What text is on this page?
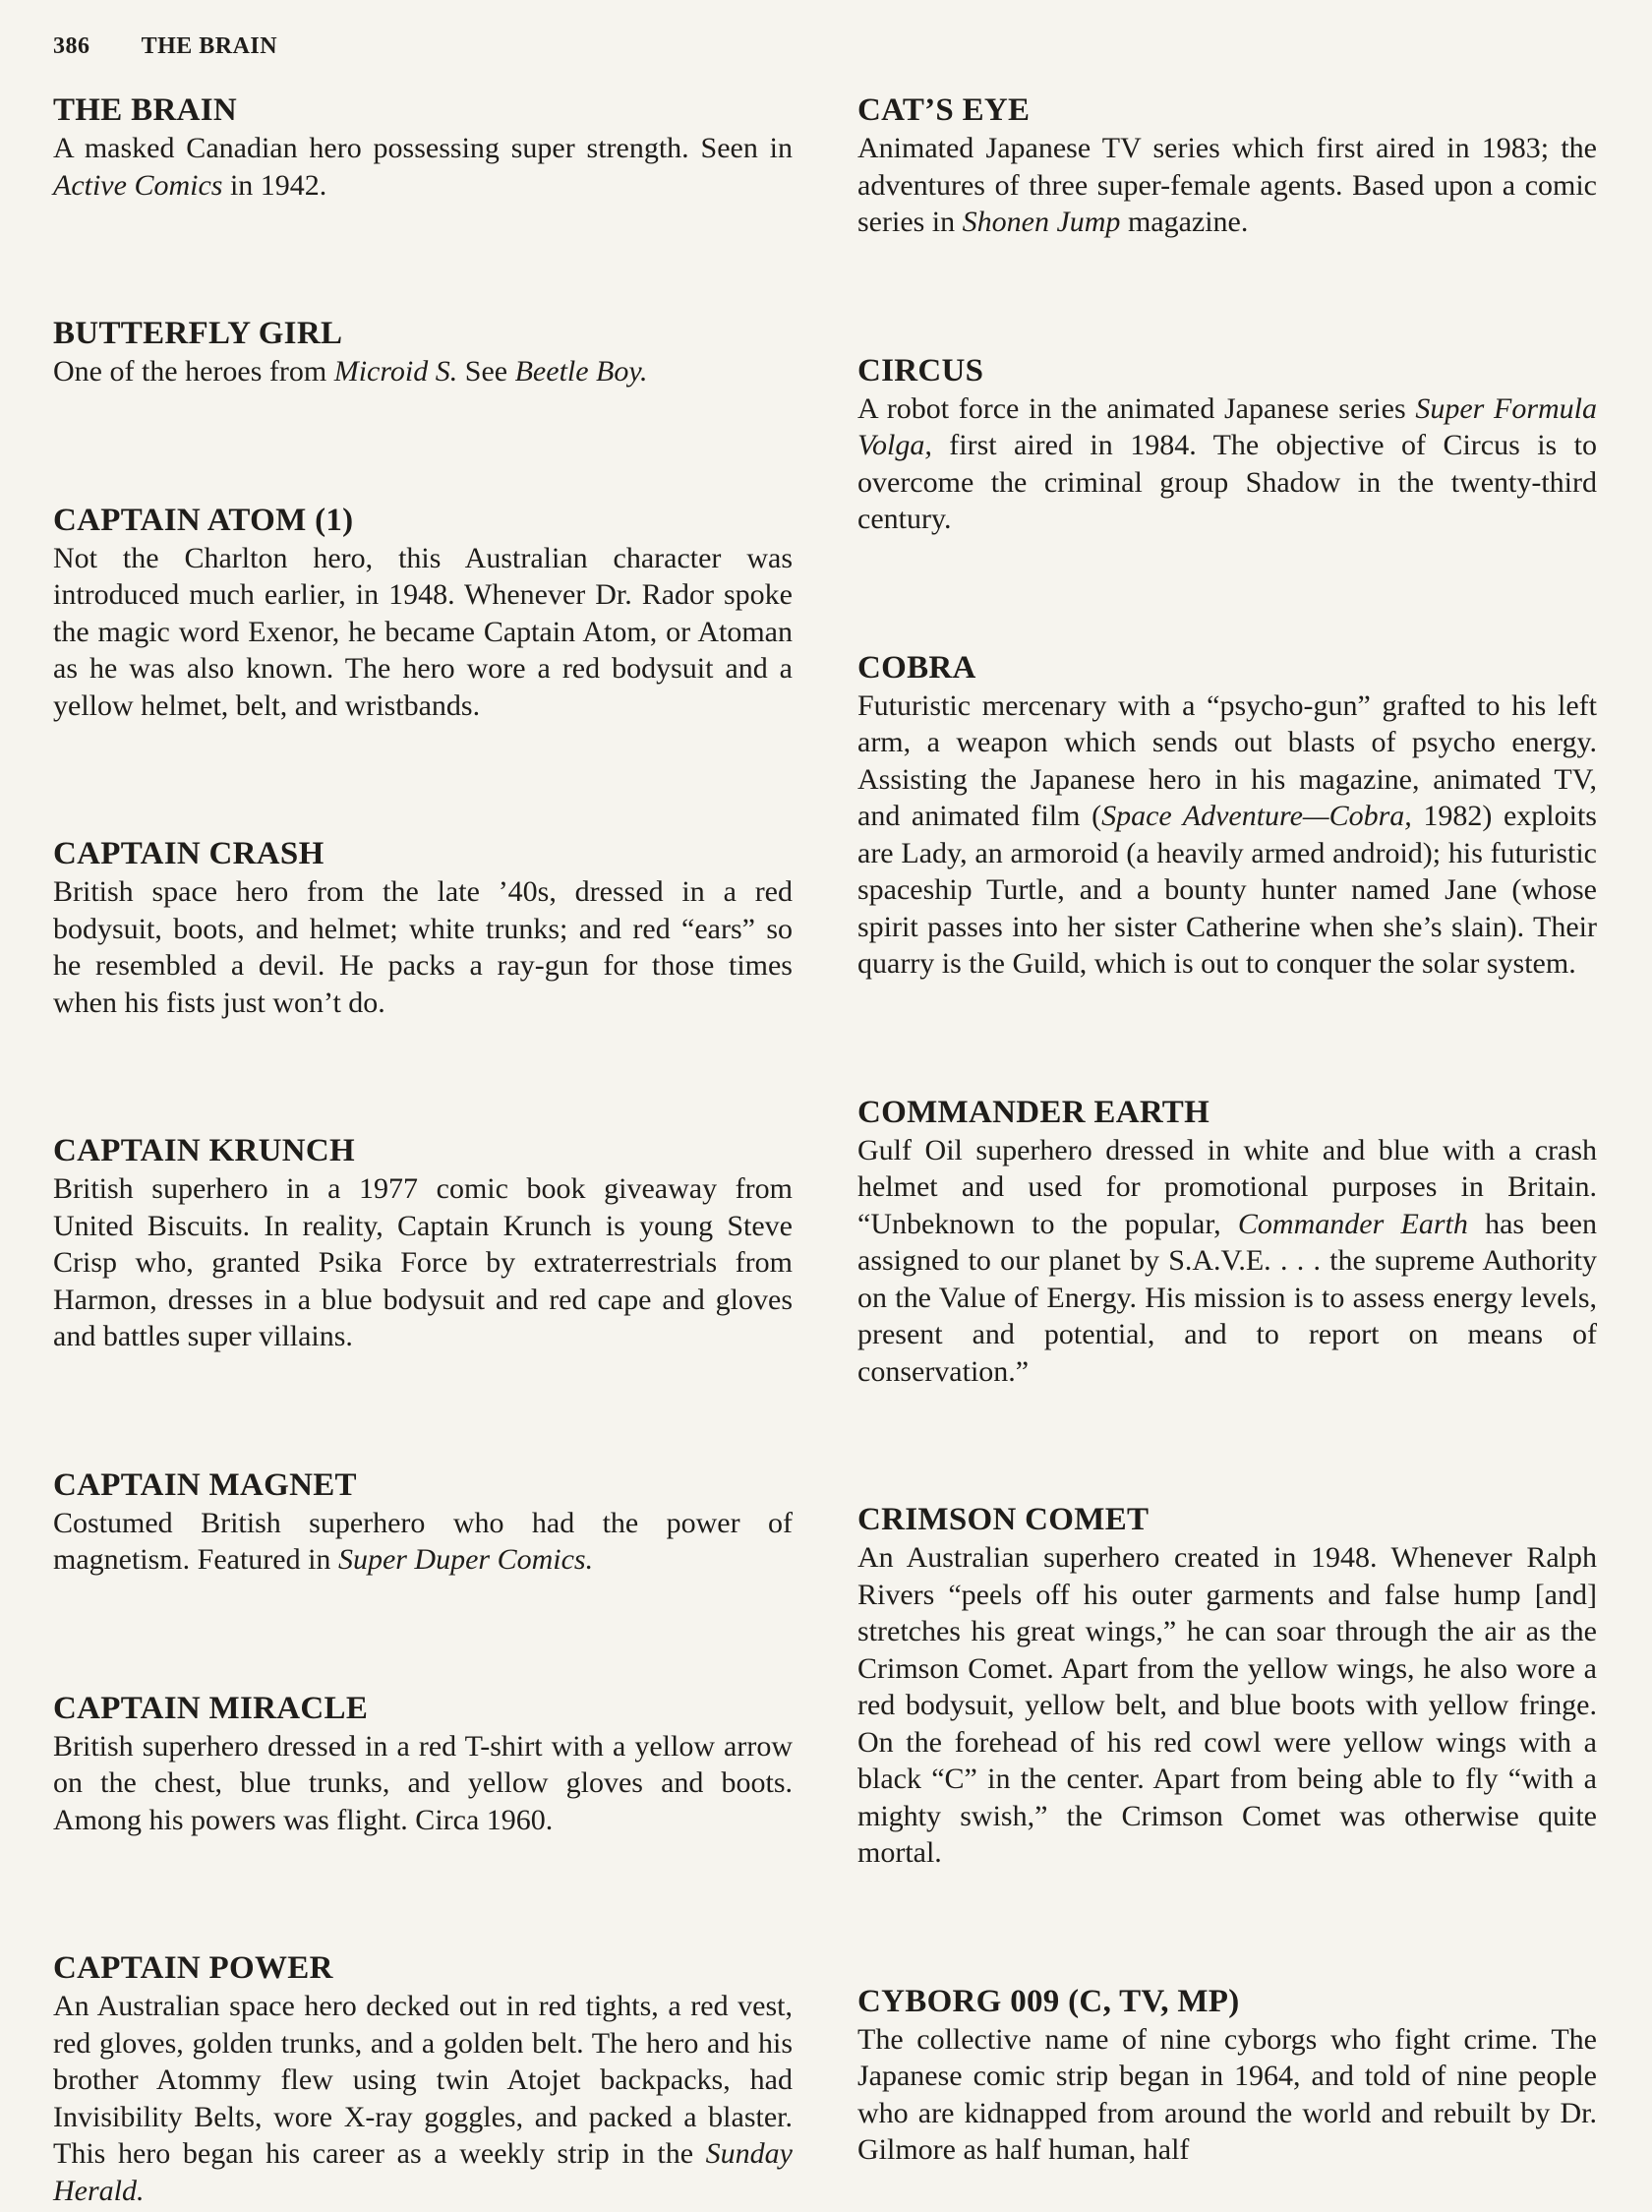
386 THE BRAIN
THE BRAIN

A masked Canadian hero possessing super strength. Seen in Active Comics in 1942.

BUTTERFLY GIRL

One of the heroes from Microid S. See Beetle Boy.

CAPTAIN ATOM (1)

Not the Charlton hero, this Australian character was introduced much earlier, in 1948. Whenever Dr. Rador spoke the magic word Exenor, he became Captain Atom, or Atoman as he was also known. The hero wore a red bodysuit and a yellow helmet, belt, and wristbands.

CAPTAIN CRASH

British space hero from the late ’40s, dressed in a red bodysuit, boots, and helmet; white trunks; and red “ears” so he resembled a devil. He packs a ray-gun for those times when his fists just won’t do.

CAPTAIN KRUNCH

British superhero in a 1977 comic book giveaway from United Biscuits. In reality, Captain Krunch is young Steve Crisp who, granted Psika Force by extraterrestrials from Harmon, dresses in a blue bodysuit and red cape and gloves and battles super villains.

CAPTAIN MAGNET

Costumed British superhero who had the power of magnetism. Featured in Super Duper Comics.

CAPTAIN MIRACLE

British superhero dressed in a red T-shirt with a yellow arrow on the chest, blue trunks, and yellow gloves and boots. Among his powers was flight. Circa 1960.

CAPTAIN POWER

An Australian space hero decked out in red tights, a red vest, red gloves, golden trunks, and a golden belt. The hero and his brother Atommy flew using twin Atojet backpacks, had Invisibility Belts, wore X-ray goggles, and packed a blaster. This hero began his career as a weekly strip in the Sunday Herald.

CAT’S EYE

Animated Japanese TV series which first aired in 1983; the adventures of three super-female agents. Based upon a comic series in Shonen Jump magazine.

CIRCUS

A robot force in the animated Japanese series Super Formula Volga, first aired in 1984. The objective of Circus is to overcome the criminal group Shadow in the twenty-third century.

COBRA

Futuristic mercenary with a “psycho-gun” grafted to his left arm, a weapon which sends out blasts of psycho energy. Assisting the Japanese hero in his magazine, animated TV, and animated film (Space Adventure—Cobra, 1982) exploits are Lady, an armoroid (a heavily armed android); his futuristic spaceship Turtle, and a bounty hunter named Jane (whose spirit passes into her sister Catherine when she’s slain). Their quarry is the Guild, which is out to conquer the solar system.

COMMANDER EARTH

Gulf Oil superhero dressed in white and blue with a crash helmet and used for promotional purposes in Britain. “Unbeknown to the popular, Commander Earth has been assigned to our planet by S.A.V.E. . . . the supreme Authority on the Value of Energy. His mission is to assess energy levels, present and potential, and to report on means of conservation.”

CRIMSON COMET

An Australian superhero created in 1948. Whenever Ralph Rivers “peels off his outer garments and false hump [and] stretches his great wings,” he can soar through the air as the Crimson Comet. Apart from the yellow wings, he also wore a red bodysuit, yellow belt, and blue boots with yellow fringe. On the forehead of his red cowl were yellow wings with a black “C” in the center. Apart from being able to fly “with a mighty swish,” the Crimson Comet was otherwise quite mortal.

CYBORG 009 (C, TV, MP)

The collective name of nine cyborgs who fight crime. The Japanese comic strip began in 1964, and told of nine people who are kidnapped from around the world and rebuilt by Dr. Gilmore as half human, half
